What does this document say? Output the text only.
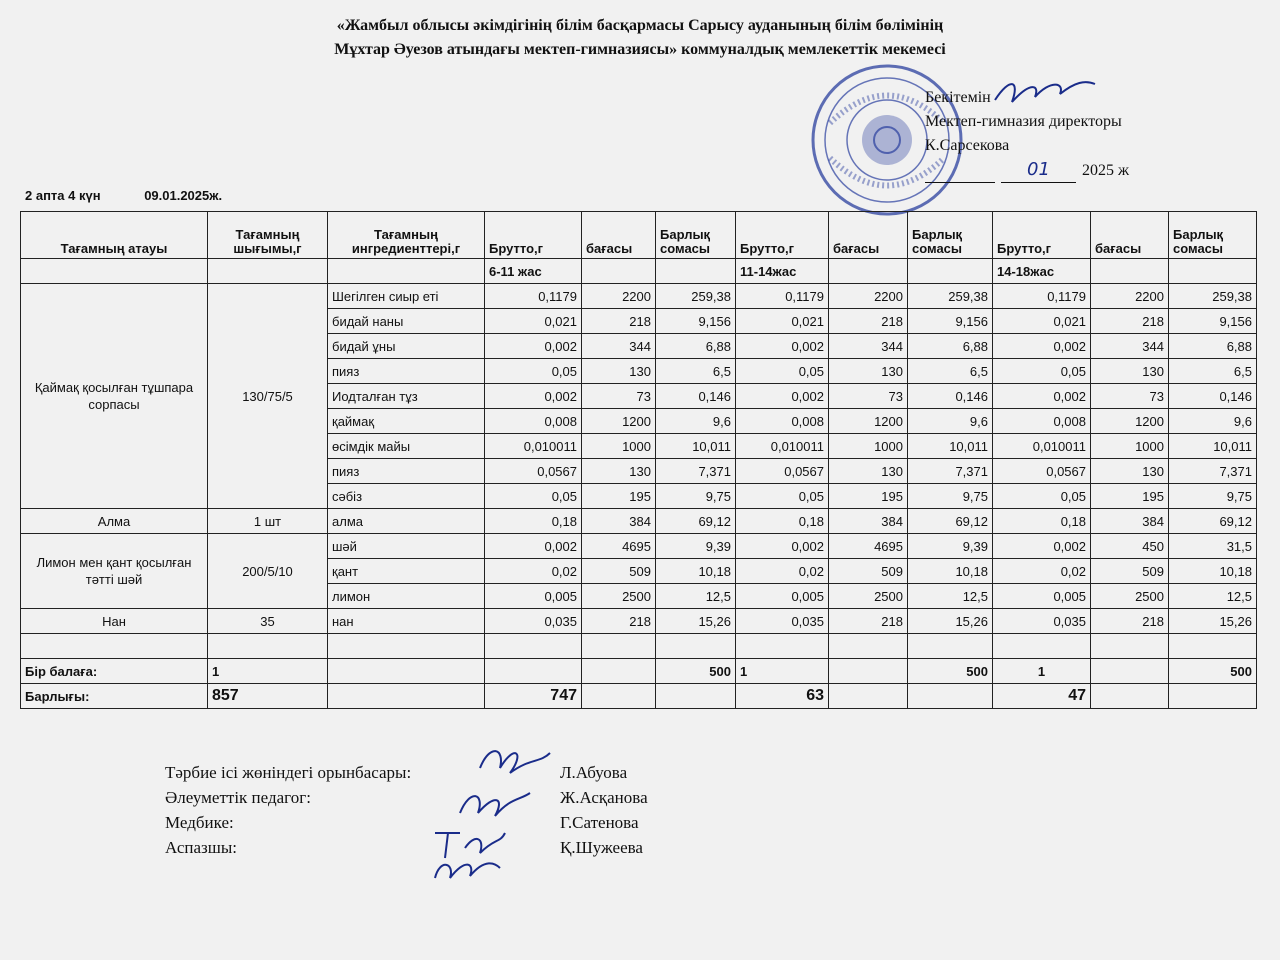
«Жамбыл облысы әкімдігінің білім басқармасы Сарысу ауданының білім бөлімінің
Мұхтар Әуезов атындағы мектеп-гимназиясы» коммуналдық мемлекеттік мекемесі
Бекітемін
Мектеп-гимназия директоры
К.Сарсекова
01	2025 ж
2 апта 4 күн	09.01.2025ж.
Тағамның атауы	Тағамның шығымы,г	Тағамның ингредиенттері,г	Брутто,г	бағасы	Барлық сомасы	Брутто,г	бағасы	Барлық сомасы	Брутто,г	бағасы	Барлық сомасы
			6-11 жас			11-14жас			14-18жас		
Қаймақ қосылған тұшпара сорпасы	130/75/5	Шегілген сиыр еті	0,1179	2200	259,38	0,1179	2200	259,38	0,1179	2200	259,38
		бидай наны	0,021	218	9,156	0,021	218	9,156	0,021	218	9,156
		бидай ұны	0,002	344	6,88	0,002	344	6,88	0,002	344	6,88
		пияз	0,05	130	6,5	0,05	130	6,5	0,05	130	6,5
		Иодталған тұз	0,002	73	0,146	0,002	73	0,146	0,002	73	0,146
		қаймақ	0,008	1200	9,6	0,008	1200	9,6	0,008	1200	9,6
		өсімдік майы	0,010011	1000	10,011	0,010011	1000	10,011	0,010011	1000	10,011
		пияз	0,0567	130	7,371	0,0567	130	7,371	0,0567	130	7,371
		сәбіз	0,05	195	9,75	0,05	195	9,75	0,05	195	9,75
Алма	1 шт	алма	0,18	384	69,12	0,18	384	69,12	0,18	384	69,12
Лимон мен қант қосылған тәтті шәй	200/5/10	шәй	0,002	4695	9,39	0,002	4695	9,39	0,002	450	31,5
		қант	0,02	509	10,18	0,02	509	10,18	0,02	509	10,18
		лимон	0,005	2500	12,5	0,005	2500	12,5	0,005	2500	12,5
Нан	35	нан	0,035	218	15,26	0,035	218	15,26	0,035	218	15,26

Бір балаға:	1				500	1		500	1		500
Барлығы:	857		747			63			47		
Тәрбие ісі жөніндегі орынбасары:	Л.Абуова
Әлеуметтік педагог:	Ж.Асқанова
Медбике:	Г.Сатенова
Аспазшы:	Қ.Шужеева
